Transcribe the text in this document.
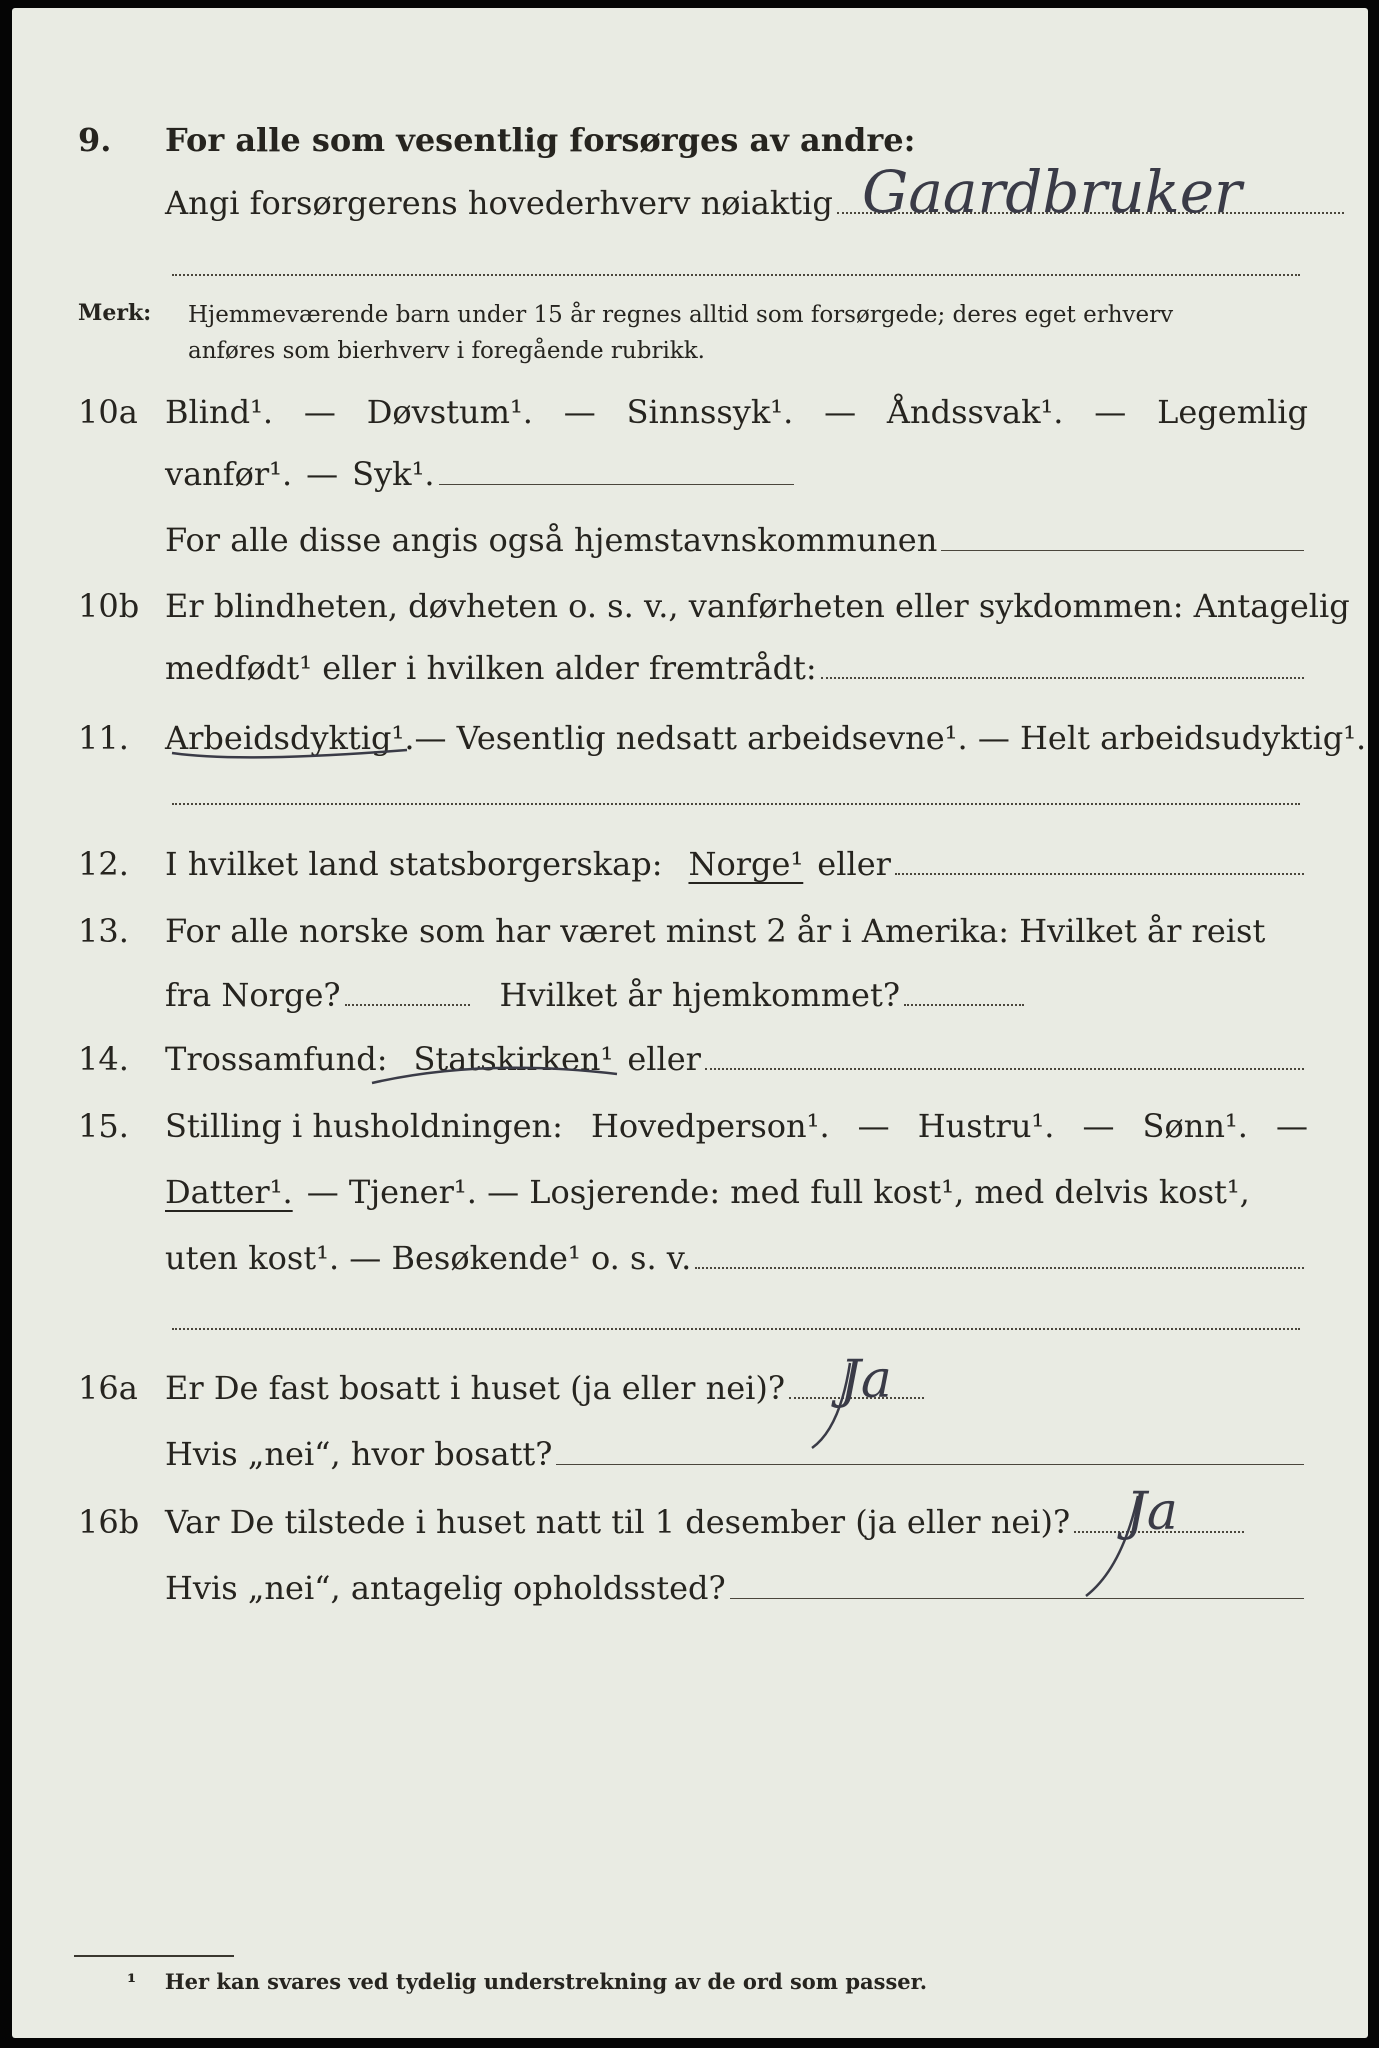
9.	For alle som vesentlig forsørges av andre:
Angi forsørgerens hovederhverv nøiaktig Gaardbruker
Merk: Hjemmeværende barn under 15 år regnes alltid som forsørgede; deres eget erhverv
anføres som bierhverv i foregående rubrikk.
10a Blind¹. — Døvstum¹. — Sinnssyk¹. — Åndssvak¹. — Legemlig
vanfør¹. — Syk¹.
For alle disse angis også hjemstavnskommunen
10b Er blindheten, døvheten o. s. v., vanførheten eller sykdommen: Antagelig
medfødt¹ eller i hvilken alder fremtrådt:
11.	Arbeidsdyktig¹. — Vesentlig nedsatt arbeidsevne¹. — Helt arbeidsudyktig¹.
12.	I hvilket land statsborgerskap: Norge¹ eller
13.	For alle norske som har været minst 2 år i Amerika: Hvilket år reist
fra Norge?	Hvilket år hjemkommet?
14.	Trossamfund: Statskirken¹ eller
15.	Stilling i husholdningen: Hovedperson¹. — Hustru¹. — Sønn¹. —
Datter¹. — Tjener¹. — Losjerende: med full kost¹, med delvis kost¹,
uten kost¹. — Besøkende¹ o. s. v.
16a Er De fast bosatt i huset (ja eller nei)? Ja
Hvis „nei“, hvor bosatt?
16b Var De tilstede i huset natt til 1 desember (ja eller nei)? Ja
Hvis „nei“, antagelig opholdssted?
¹ Her kan svares ved tydelig understrekning av de ord som passer.
